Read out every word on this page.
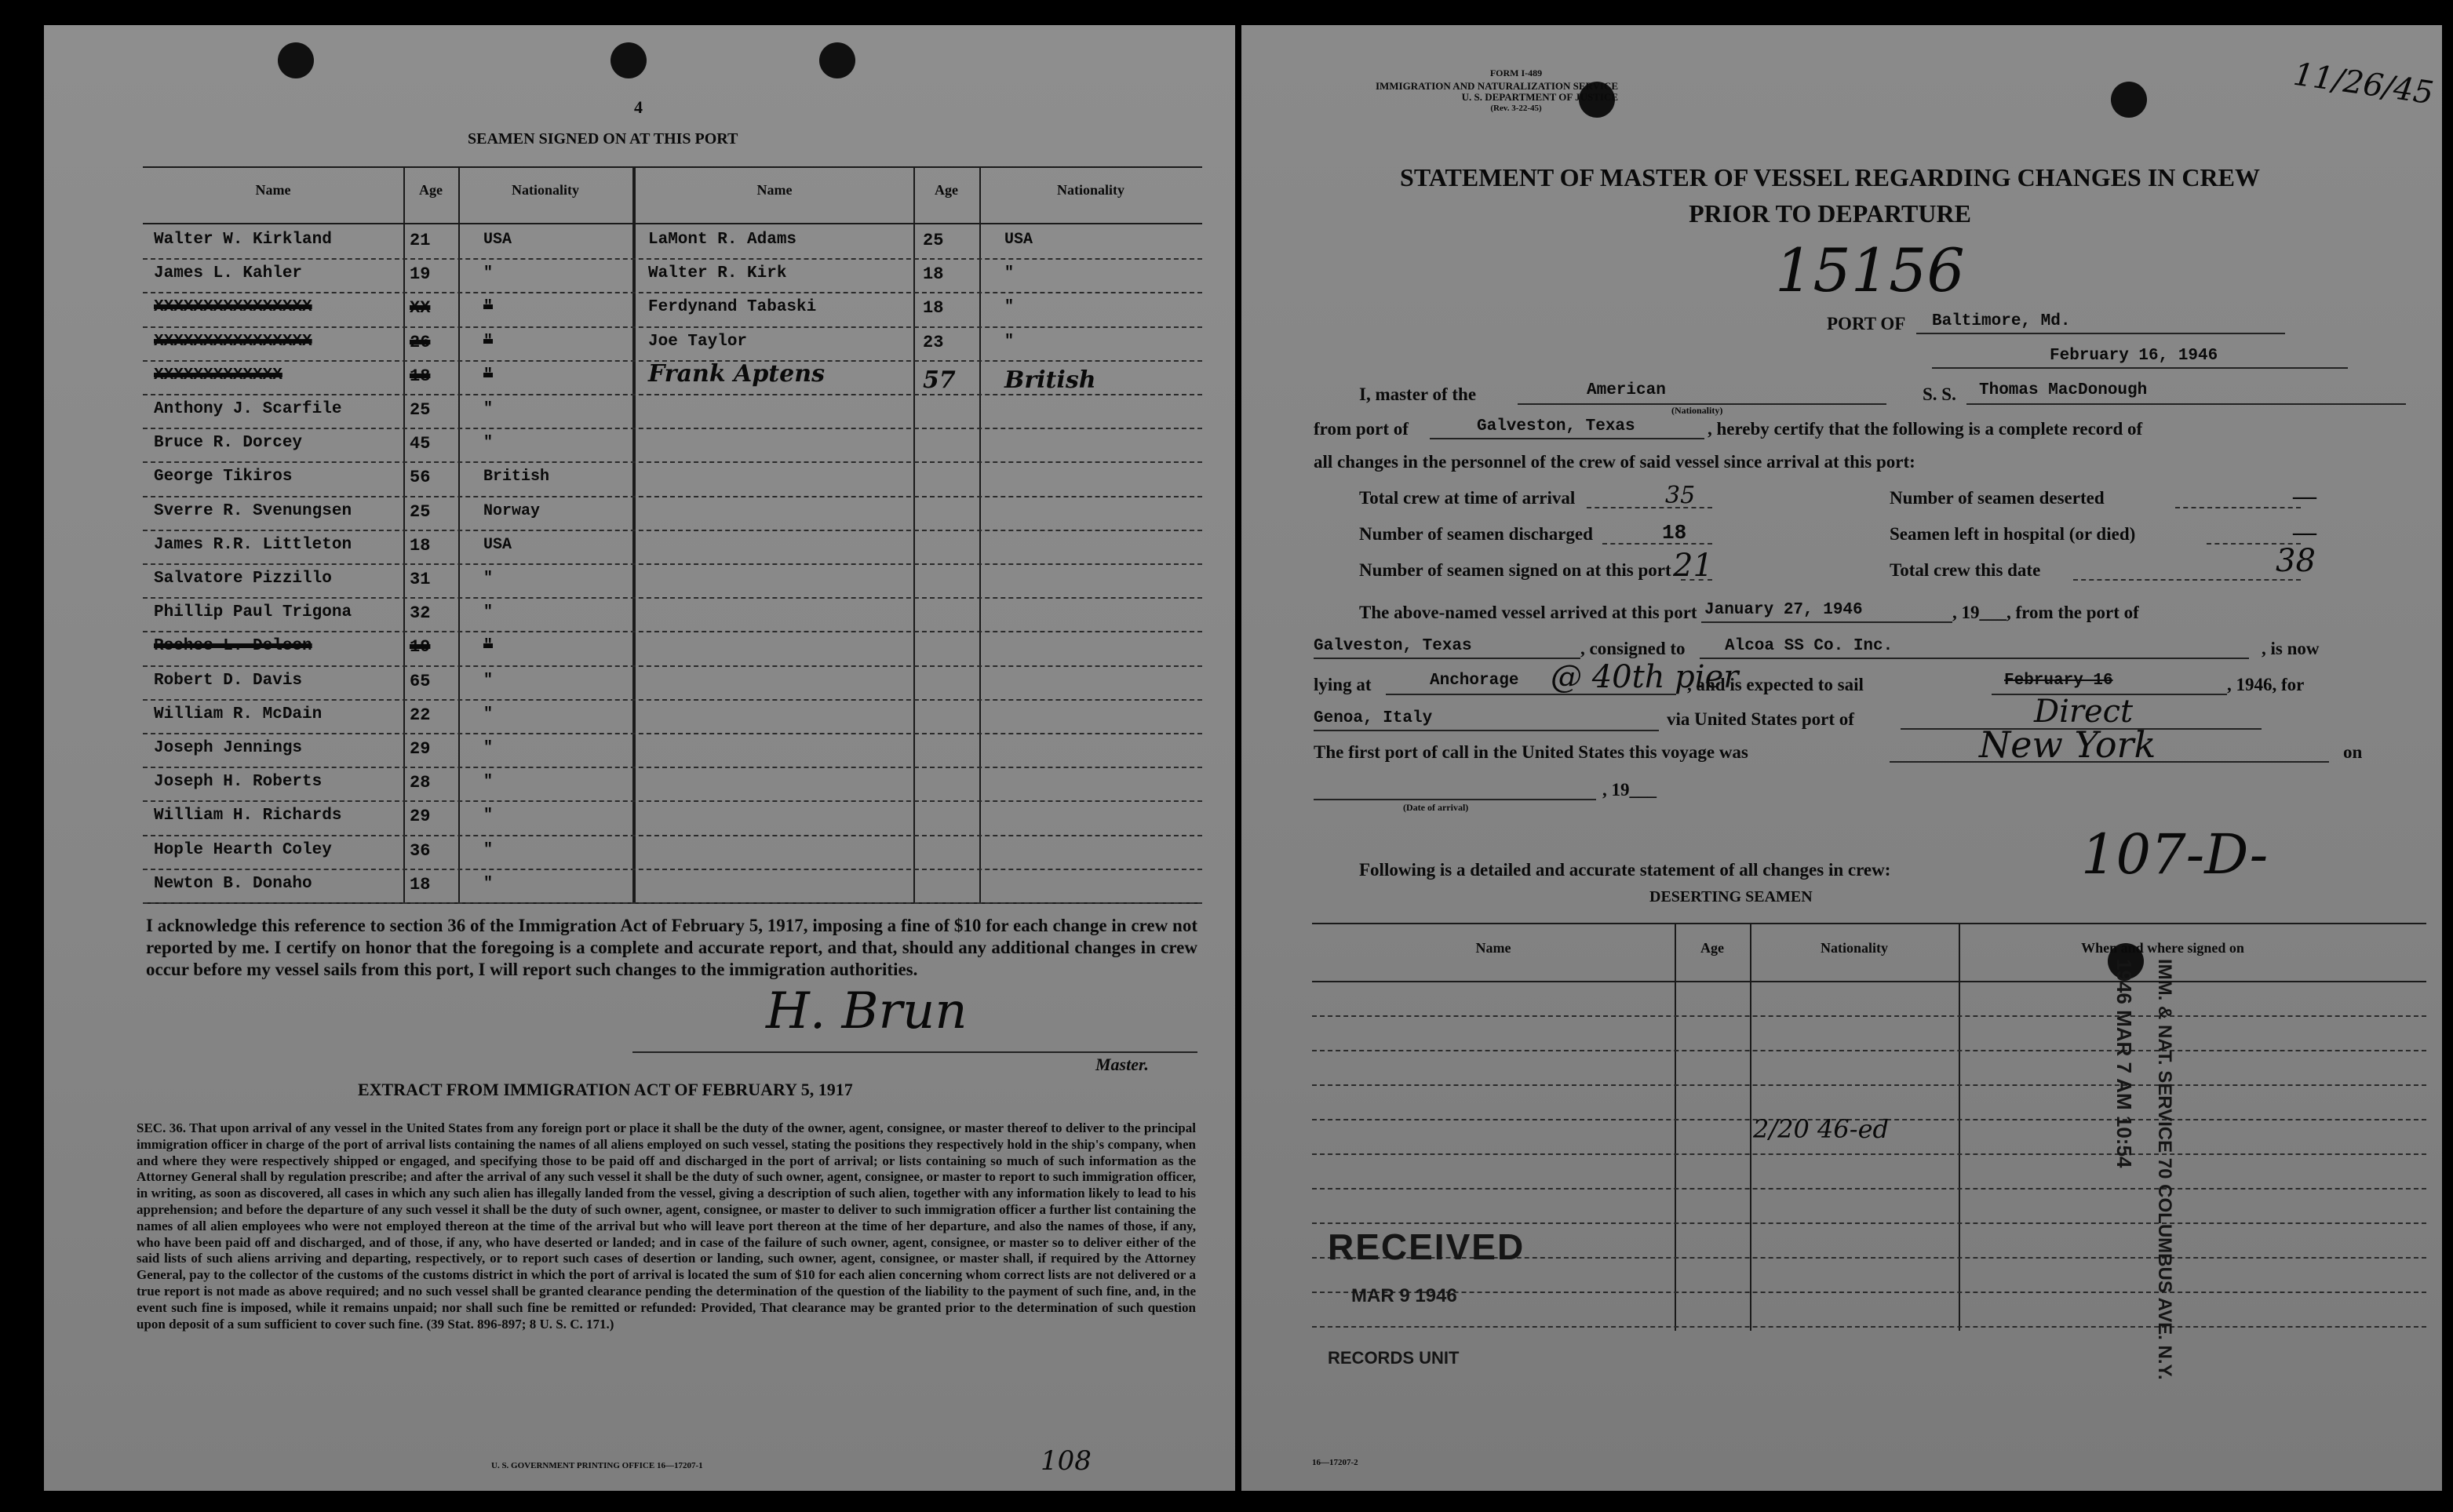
4
SEAMEN SIGNED ON AT THIS PORT
Name	Age	Nationality	Name	Age	Nationality
Walter W. Kirkland	21	USA
James L. Kahler	19	"
XXXXXXXXXXXXXXXX	XX	"
XXXXXXXXXXXXXXXX	26	"
XXXXXXXXXXXXX	18	"
Anthony J. Scarfile	25	"
Bruce R. Dorcey	45	"
George Tikiros	56	British
Sverre R. Svenungsen	25	Norway
James R.R. Littleton	18	USA
Salvatore Pizzillo	31	"
Phillip Paul Trigona	32	"
Rocheo L. Deleon	19	"
Robert D. Davis	65	"
William R. McDain	22	"
Joseph Jennings	29	"
Joseph H. Roberts	28	"
William H. Richards	29	"
Hople Hearth Coley	36	"
Newton B. Donaho	18	"
LaMont R. Adams	25	USA
Walter R. Kirk	18	"
Ferdynand Tabaski	18	"
Joe Taylor	23	"
Frank Aptens	57 British
I acknowledge this reference to section 36 of the Immigration Act of February 5, 1917, imposing a fine of $10 for each change in crew not reported by me. I certify on honor that the foregoing is a complete and accurate report, and that, should any additional changes in crew occur before my vessel sails from this port, I will report such changes to the immigration authorities.
H. Brun
Master.
EXTRACT FROM IMMIGRATION ACT OF FEBRUARY 5, 1917
SEC. 36. That upon arrival of any vessel in the United States from any foreign port or place it shall be the duty of the owner, agent, consignee, or master thereof to deliver to the principal immigration officer in charge of the port of arrival lists containing the names of all aliens employed on such vessel, stating the positions they respectively hold in the ship's company, when and where they were respectively shipped or engaged, and specifying those to be paid off and discharged in the port of arrival; or lists containing so much of such information as the Attorney General shall by regulation prescribe; and after the arrival of any such vessel it shall be the duty of such owner, agent, consignee, or master to report to such immigration officer, in writing, as soon as discovered, all cases in which any such alien has illegally landed from the vessel, giving a description of such alien, together with any information likely to lead to his apprehension; and before the departure of any such vessel it shall be the duty of such owner, agent, consignee, or master to deliver to such immigration officer a further list containing the names of all alien employees who were not employed thereon at the time of the arrival but who will leave port thereon at the time of her departure, and also the names of those, if any, who have been paid off and discharged, and of those, if any, who have deserted or landed; and in case of the failure of such owner, agent, consignee, or master so to deliver either of the said lists of such aliens arriving and departing, respectively, or to report such cases of desertion or landing, such owner, agent, consignee, or master shall, if required by the Attorney General, pay to the collector of the customs of the customs district in which the port of arrival is located the sum of $10 for each alien concerning whom correct lists are not delivered or a true report is not made as above required; and no such vessel shall be granted clearance pending the determination of the question of the liability to the payment of such fine, and, in the event such fine is imposed, while it remains unpaid; nor shall such fine be remitted or refunded: Provided, That clearance may be granted prior to the determination of such question upon deposit of a sum sufficient to cover such fine. (39 Stat. 896-897; 8 U. S. C. 171.)
U. S. GOVERNMENT PRINTING OFFICE 16—17207-1	108
FORM I-489
IMMIGRATION AND NATURALIZATION SERVICE
U. S. DEPARTMENT OF JUSTICE
(Rev. 3-22-45)	11/26/45
STATEMENT OF MASTER OF VESSEL REGARDING CHANGES IN CREW
PRIOR TO DEPARTURE
15156
PORT OF Baltimore, Md.
February 16, 1946
I, master of the	American
(Nationality)
S. S. Thomas MacDonough
from port of	Galveston, Texas	, hereby certify that the following is a complete record of
all changes in the personnel of the crew of said vessel since arrival at this port:
Total crew at time of arrival	35	Number of seamen deserted	—
Number of seamen discharged	18	Seamen left in hospital (or died)	—
Number of seamen signed on at this port 21	Total crew this date	38
The above-named vessel arrived at this port January 27, 1946	, 19___, from the port of
Galveston, Texas	, consigned to Alcoa SS Co. Inc.	, is now
lying at	Anchorage @ 40th pier
, and is expected to sail	February 16	, 1946, for
Genoa, Italy	via United States port of	Direct
The first port of call in the United States this voyage was	New York	on
, 19___
(Date of arrival)
Following is a detailed and accurate statement of all changes in crew:	107-D-
DESERTING SEAMEN
Name	Age	Nationality	When and where signed on
2/20 46-ed	1946 MAR 7 AM 10:54 IMM. & NAT. SERVICE 70 COLUMBUS AVE. N.Y.
RECEIVED
MAR 9 1946
RECORDS UNIT
16—17207-2
